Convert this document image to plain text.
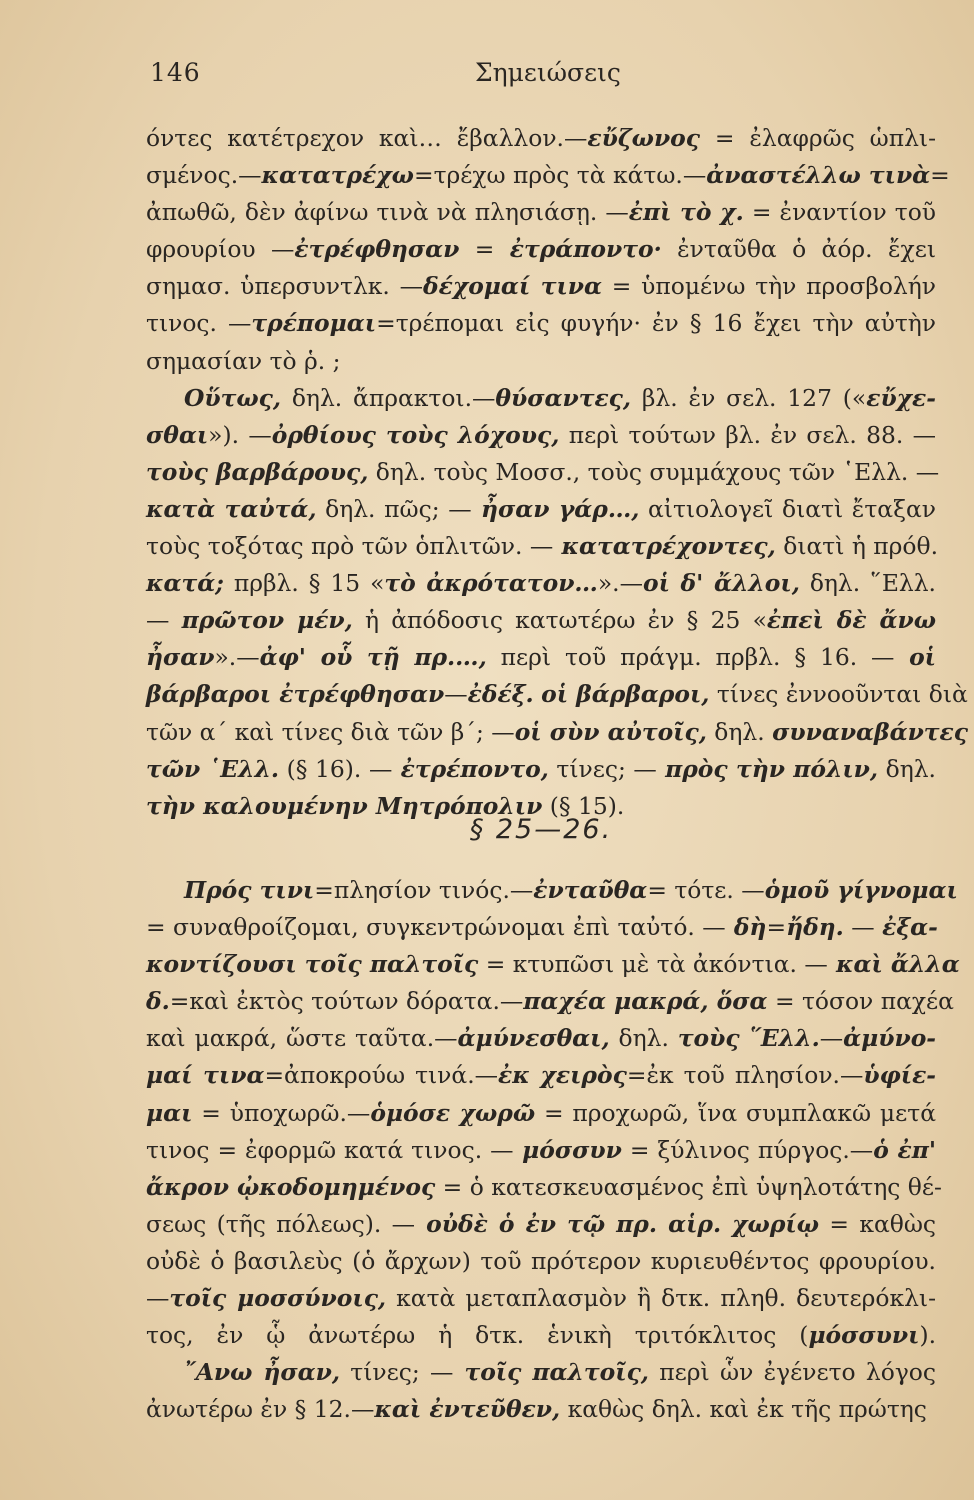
146	Σημειώσεις
όντες κατέτρεχον καὶ… ἔβαλλον.—εὔζωνος = ἐλαφρῶς ὡπλι-
σμένος.—κατατρέχω=τρέχω πρὸς τὰ κάτω.—ἀναστέλλω τινὰ=
ἀπωθῶ, δὲν ἀφίνω τινὰ νὰ πλησιάσῃ. —ἐπὶ τὸ χ. = ἐναντίον τοῦ
φρουρίου —ἐτρέφθησαν = ἐτράποντο· ἐνταῦθα ὁ ἀόρ. ἔχει
σημασ. ὑπερσυντλκ. —δέχομαί τινα = ὑπομένω τὴν προσβολήν
τινος. —τρέπομαι=τρέπομαι εἰς φυγήν· ἐν § 16 ἔχει τὴν αὐτὴν
σημασίαν τὸ ῥ. ;
Οὕτως, δηλ. ἄπρακτοι.—θύσαντες, βλ. ἐν σελ. 127 («εὔχε-
σθαι»). —ὀρθίους τοὺς λόχους, περὶ τούτων βλ. ἐν σελ. 88. —
τοὺς βαρβάρους, δηλ. τοὺς Μοσσ., τοὺς συμμάχους τῶν ῾Ελλ. —
κατὰ ταὐτά, δηλ. πῶς; — ἦσαν γάρ…, αἰτιολογεῖ διατὶ ἔταξαν
τοὺς τοξότας πρὸ τῶν ὁπλιτῶν. — κατατρέχοντες, διατὶ ἡ πρόθ.
κατά; πρβλ. § 15 «τὸ ἀκρότατον…».—οἱ δ' ἄλλοι, δηλ. ῞Ελλ.
— πρῶτον μέν, ἡ ἀπόδοσις κατωτέρω ἐν § 25 «ἐπεὶ δὲ ἄνω
ἦσαν».—ἀφ' οὗ τῇ πρ.…, περὶ τοῦ πράγμ. πρβλ. § 16. — οἱ
βάρβαροι ἐτρέφθησαν—ἐδέξ. οἱ βάρβαροι, τίνες ἐννοοῦνται διὰ
τῶν α΄ καὶ τίνες διὰ τῶν β΄; —οἱ σὺν αὐτοῖς, δηλ. συναναβάντες
τῶν ῾Ελλ. (§ 16). — ἐτρέποντο, τίνες; — πρὸς τὴν πόλιν, δηλ.
τὴν καλουμένην Μητρόπολιν (§ 15).
§ 25—26.
Πρός τινι=πλησίον τινός.—ἐνταῦθα= τότε. —ὁμοῦ γίγνομαι
= συναθροίζομαι, συγκεντρώνομαι ἐπὶ ταὐτό. — δὴ=ἤδη. — ἐξα-
κοντίζουσι τοῖς παλτοῖς = κτυπῶσι μὲ τὰ ἀκόντια. — καὶ ἄλλα
δ.=καὶ ἐκτὸς τούτων δόρατα.—παχέα μακρά, ὅσα = τόσον παχέα
καὶ μακρά, ὥστε ταῦτα.—ἀμύνεσθαι, δηλ. τοὺς ῞Ελλ.—ἀμύνο-
μαί τινα=ἀποκρούω τινά.—ἐκ χειρὸς=ἐκ τοῦ πλησίον.—ὑφίε-
μαι = ὑποχωρῶ.—ὁμόσε χωρῶ = προχωρῶ, ἵνα συμπλακῶ μετά
τινος = ἐφορμῶ κατά τινος. — μόσσυν = ξύλινος πύργος.—ὁ ἐπ'
ἄκρον ᾠκοδομημένος = ὁ κατεσκευασμένος ἐπὶ ὑψηλοτάτης θέ-
σεως (τῆς πόλεως). — οὐδὲ ὁ ἐν τῷ πρ. αἱρ. χωρίῳ = καθὼς
οὐδὲ ὁ βασιλεὺς (ὁ ἄρχων) τοῦ πρότερον κυριευθέντος φρουρίου.
—τοῖς μοσσύνοις, κατὰ μεταπλασμὸν ἢ δτκ. πληθ. δευτερόκλι-
τος, ἐν ᾧ ἀνωτέρω ἡ δτκ. ἑνικὴ τριτόκλιτος (μόσσυνι).
῎Ανω ἦσαν, τίνες; — τοῖς παλτοῖς, περὶ ὧν ἐγένετο λόγος
ἀνωτέρω ἐν § 12.—καὶ ἐντεῦθεν, καθὼς δηλ. καὶ ἐκ τῆς πρώτης
